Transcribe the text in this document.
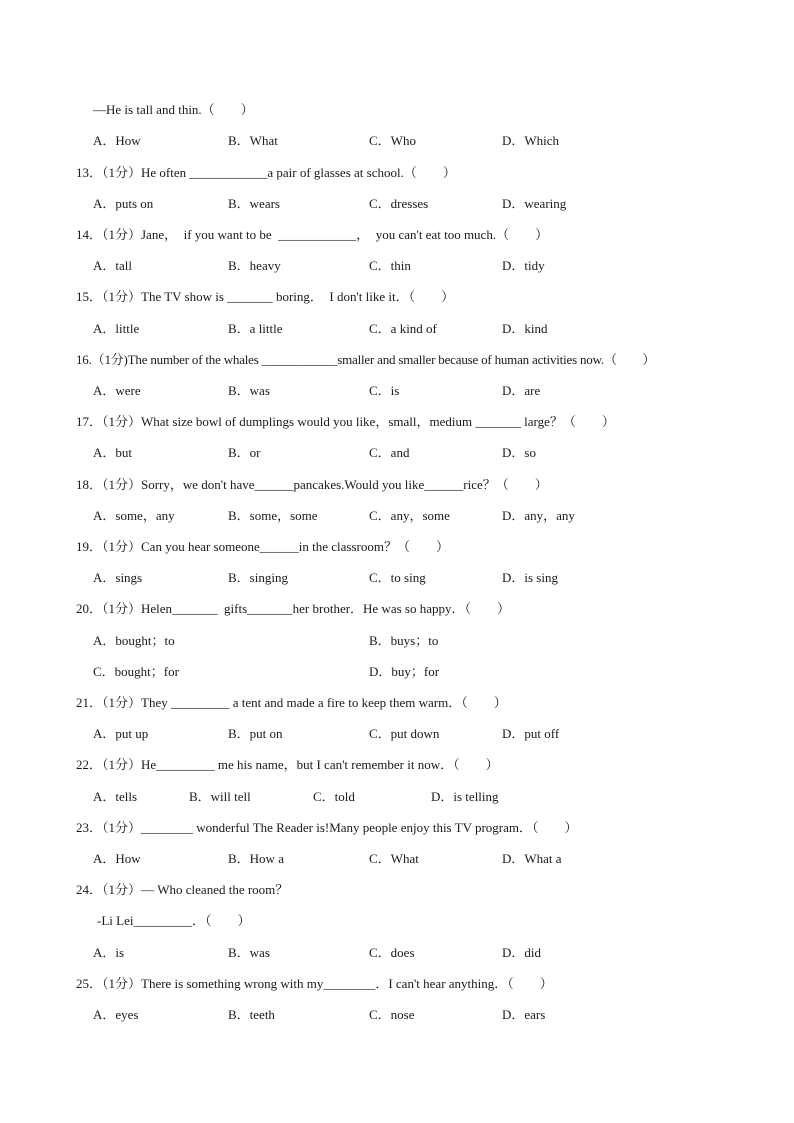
—He is tall and thin.（　　）
A．How	B．What	C．Who	D．Which
13．（1分）He often ____________a pair of glasses at school.（　　）
A．puts on	B．wears	C．dresses	D．wearing
14．（1分）Jane，  if you want to be  ____________，  you can't eat too much.（　　）
A．tall	B．heavy	C．thin	D．tidy
15．（1分）The TV show is _______ boring．  I don't like it．（　　）
A．little	B．a little	C．a kind of	D．kind
16.（1分)The number of the whales ____________smaller and smaller because of human activities now.（　　）
A．were	B．was	C．is	D．are
17．（1分）What size bowl of dumplings would you like，small，medium _______ large？（　　）
A．but	B．or	C．and	D．so
18．（1分）Sorry，we don't have______pancakes.Would you like______rice？（　　）
A．some，any	B．some，some	C．any，some	D．any，any
19．（1分）Can you hear someone______in the classroom？（　　）
A．sings	B．singing	C．to sing	D．is sing
20．（1分）Helen_______  gifts_______her brother．He was so happy．（　　）
A．bought；to	B．buys；to
C．bought；for	D．buy；for
21．（1分）They _________ a tent and made a fire to keep them warm．（　　）
A．put up	B．put on	C．put down	D．put off
22．（1分）He_________ me his name，but I can't remember it now．（　　）
A．tells	B．will tell	C．told	D．is telling
23．（1分）________ wonderful The Reader is!Many people enjoy this TV program．（　　）
A．How	B．How a	C．What	D．What a
24．（1分）— Who cleaned the room？
-Li Lei_________．（　　）
A．is	B．was	C．does	D．did
25．（1分）There is something wrong with my________．I can't hear anything．（　　）
A．eyes	B．teeth	C．nose	D．ears
